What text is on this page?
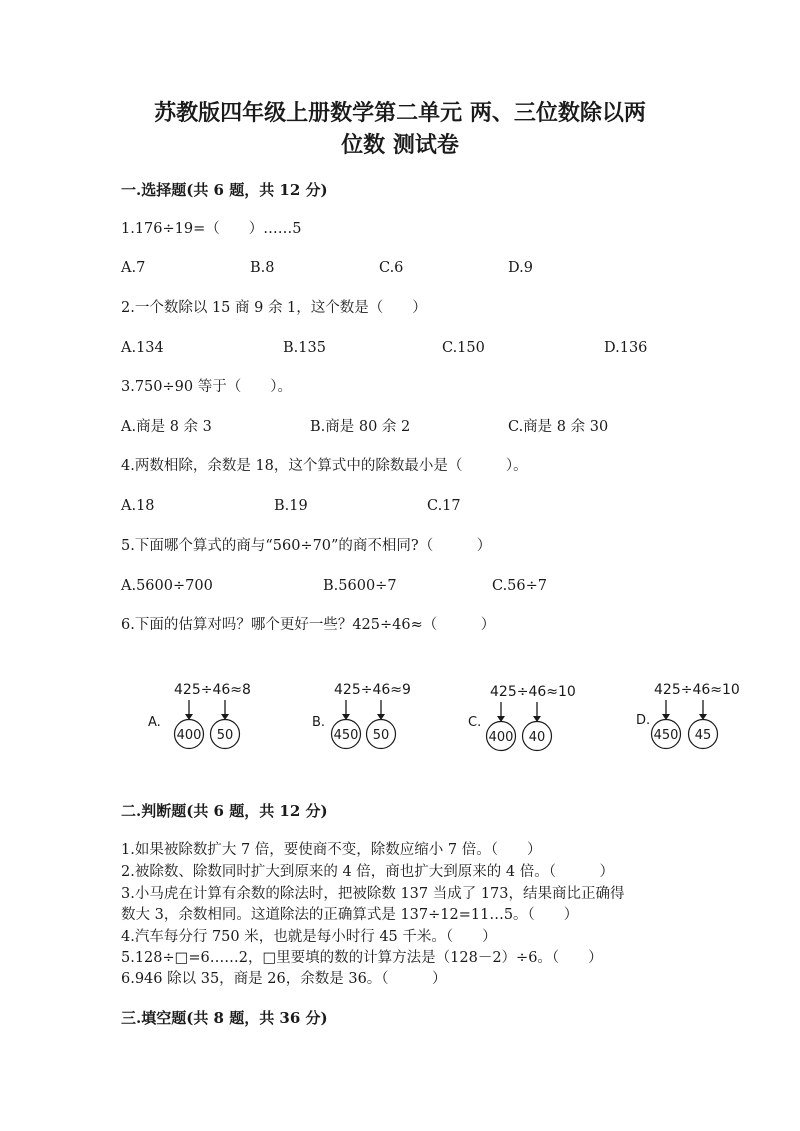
苏教版四年级上册数学第二单元 两、三位数除以两
位数 测试卷
一.选择题(共 6 题，共 12 分)
1.176÷19=（　　）……5
A.7	B.8	C.6	D.9
2.一个数除以 15 商 9 余 1，这个数是（　　）
A.134	B.135	C.150	D.136
3.750÷90 等于（　　）。
A.商是 8 余 3	B.商是 80 余 2	C.商是 8 余 30
4.两数相除，余数是 18，这个算式中的除数最小是（　　　）。
A.18	B.19	C.17
5.下面哪个算式的商与“560÷70”的商不相同?（　　　）
A.5600÷700	B.5600÷7	C.56÷7
6.下面的估算对吗？哪个更好一些？425÷46≈（　　　）
A.
425÷46≈8
400 50
B.
425÷46≈9
450 50
C.
425÷46≈10
400 40
D.
425÷46≈10
450 45
二.判断题(共 6 题，共 12 分)
1.如果被除数扩大 7 倍，要使商不变，除数应缩小 7 倍。（　　）
2.被除数、除数同时扩大到原来的 4 倍，商也扩大到原来的 4 倍。（　　　）
3.小马虎在计算有余数的除法时，把被除数 137 当成了 173，结果商比正确得
数大 3，余数相同。这道除法的正确算式是 137÷12=11…5。（　　）
4.汽车每分行 750 米，也就是每小时行 45 千米。（　　）
5.128÷□=6……2，□里要填的数的计算方法是（128－2）÷6。（　　）
6.946 除以 35，商是 26，余数是 36。（　　　）
三.填空题(共 8 题，共 36 分)
